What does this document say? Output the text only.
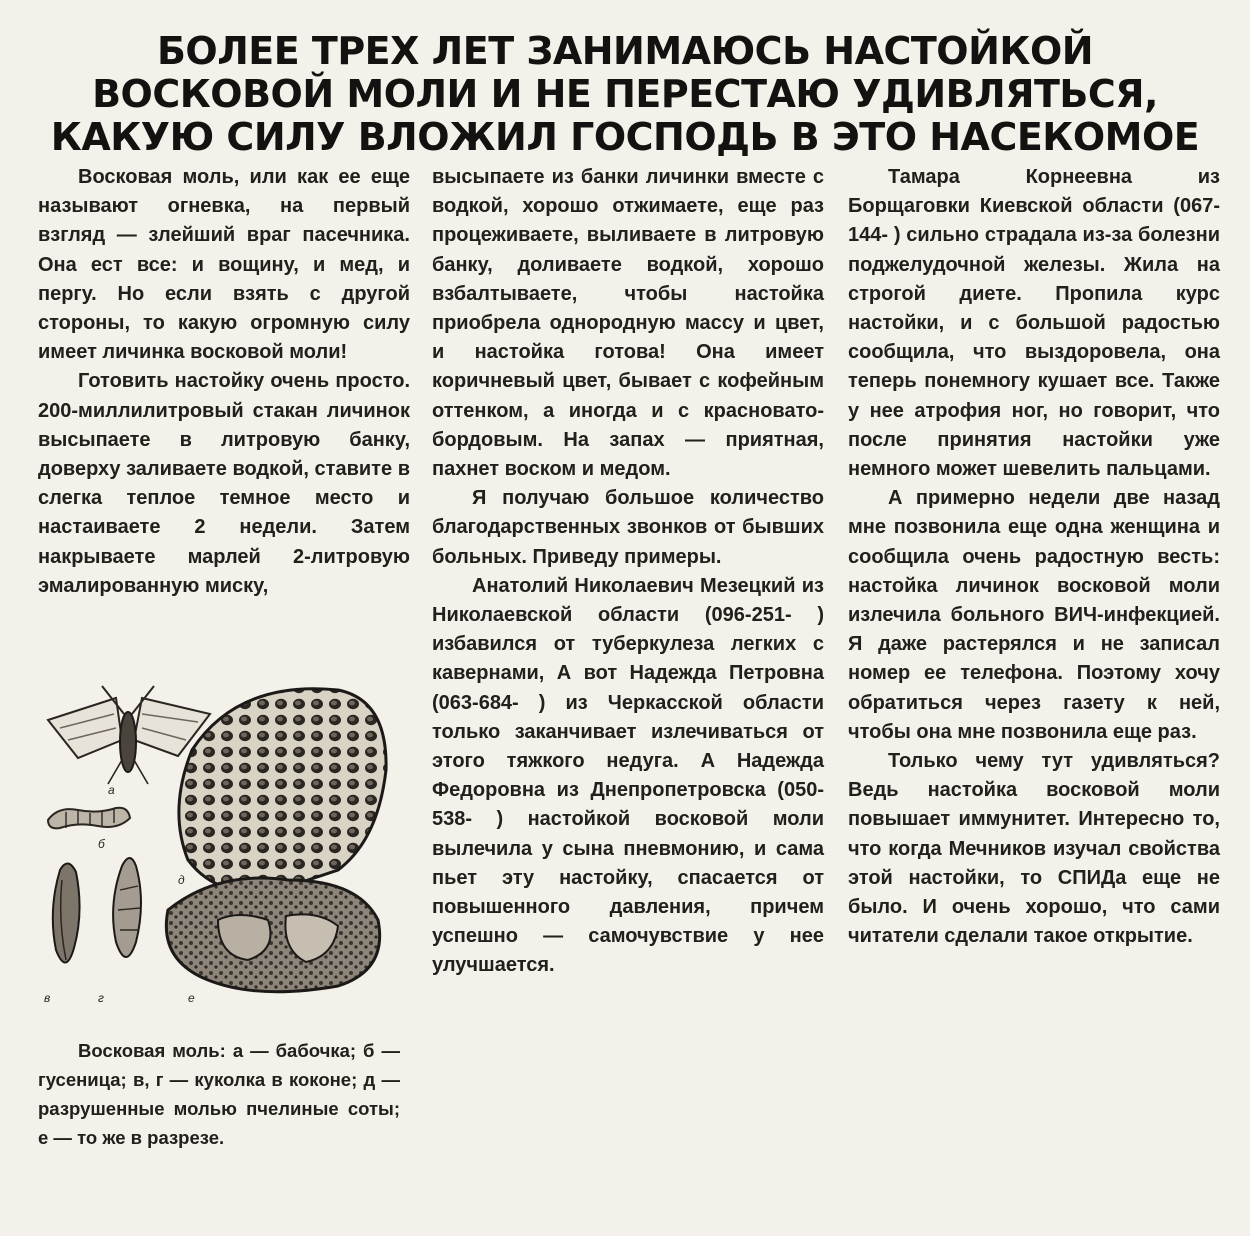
БОЛЕЕ ТРЕХ ЛЕТ ЗАНИМАЮСЬ НАСТОЙКОЙ
ВОСКОВОЙ МОЛИ И НЕ ПЕРЕСТАЮ УДИВЛЯТЬСЯ,
КАКУЮ СИЛУ ВЛОЖИЛ ГОСПОДЬ В ЭТО НАСЕКОМОЕ

Восковая моль, или как ее еще называют огневка, на первый взгляд — злейший враг пасечника. Она ест все: и вощину, и мед, и пергу. Но если взять с другой стороны, то какую огромную силу имеет личинка восковой моли!

Готовить настойку очень просто. 200-миллилитровый стакан личинок высыпаете в литровую банку, доверху заливаете водкой, ставите в слегка теплое темное место и настаиваете 2 недели. Затем накрываете марлей 2-литровую эмалированную миску,

а
б
в	г
д
е
Восковая моль: а — бабочка; б — гусеница; в, г — куколка в коконе; д — разрушенные молью пчелиные соты; е — то же в разрезе.

высыпаете из банки личинки вместе с водкой, хорошо отжимаете, еще раз процеживаете, выливаете в литровую банку, доливаете водкой, хорошо взбалтываете, чтобы настойка приобрела однородную массу и цвет, и настойка готова! Она имеет коричневый цвет, бывает с кофейным оттенком, а иногда и с красновато-бордовым. На запах — приятная, пахнет воском и медом.

Я получаю большое количество благодарственных звонков от бывших больных. Приведу примеры.

Анатолий Николаевич Мезецкий из Николаевской области (096-251- ) избавился от туберкулеза легких с кавернами, А вот Надежда Петровна (063-684- ) из Черкасской области только заканчивает излечиваться от этого тяжкого недуга. А Надежда Федоровна из Днепропетровска (050-538- ) настойкой восковой моли вылечила у сына пневмонию, и сама пьет эту настойку, спасается от повышенного давления, причем успешно — самочувствие у нее улучшается.

Тамара Корнеевна из Борщаговки Киевской области (067-144- ) сильно страдала из-за болезни поджелудочной железы. Жила на строгой диете. Пропила курс настойки, и с большой радостью сообщила, что выздоровела, она теперь понемногу кушает все. Также у нее атрофия ног, но говорит, что после принятия настойки уже немного может шевелить пальцами.

А примерно недели две назад мне позвонила еще одна женщина и сообщила очень радостную весть: настойка личинок восковой моли излечила больного ВИЧ-инфекцией. Я даже растерялся и не записал номер ее телефона. Поэтому хочу обратиться через газету к ней, чтобы она мне позвонила еще раз.

Только чему тут удивляться? Ведь настойка восковой моли повышает иммунитет. Интересно то, что когда Мечников изучал свойства этой настойки, то СПИДа еще не было. И очень хорошо, что сами читатели сделали такое открытие.
